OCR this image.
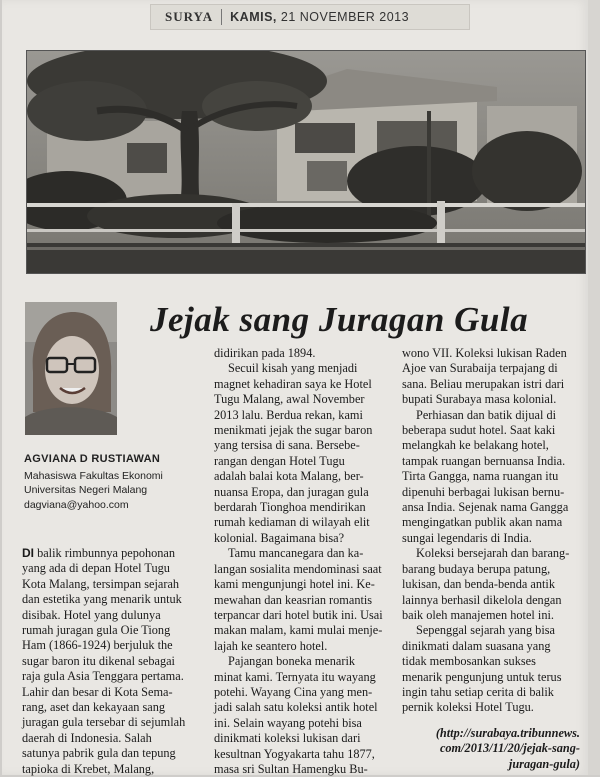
SURYA	KAMIS, 21 NOVEMBER 2013
Jejak sang Juragan Gula
AGVIANA D RUSTIAWAN
Mahasiswa Fakultas Ekonomi
Universitas Negeri Malang
dagviana@yahoo.com

DI balik rimbunnya pepohonan
yang ada di depan Hotel Tugu
Kota Malang, tersimpan sejarah
dan estetika yang menarik untuk
disibak. Hotel yang dulunya
rumah juragan gula Oie Tiong
Ham (1866-1924) berjuluk the
sugar baron itu dikenal sebagai
raja gula Asia Tenggara pertama.
Lahir dan besar di Kota Sema-
rang, aset dan kekayaan sang
juragan gula tersebar di sejumlah
daerah di Indonesia. Salah
satunya pabrik gula dan tepung
tapioka di Krebet, Malang,

didirikan pada 1894.

Secuil kisah yang menjadi
magnet kehadiran saya ke Hotel
Tugu Malang, awal November
2013 lalu. Berdua rekan, kami
menikmati jejak the sugar baron
yang tersisa di sana. Bersebe-
rangan dengan Hotel Tugu
adalah balai kota Malang, ber-
nuansa Eropa, dan juragan gula
berdarah Tionghoa mendirikan
rumah kediaman di wilayah elit
kolonial. Bagaimana bisa?

Tamu mancanegara dan ka-
langan sosialita mendominasi saat
kami mengunjungi hotel ini. Ke-
mewahan dan keasrian romantis
terpancar dari hotel butik ini. Usai
makan malam, kami mulai menje-
lajah ke seantero hotel.

Pajangan boneka menarik
minat kami. Ternyata itu wayang
potehi. Wayang Cina yang men-
jadi salah satu koleksi antik hotel
ini. Selain wayang potehi bisa
dinikmati koleksi lukisan dari
kesultnan Yogyakarta tahu 1877,
masa sri Sultan Hamengku Bu-

wono VII. Koleksi lukisan Raden
Ajoe van Surabaija terpajang di
sana. Beliau merupakan istri dari
bupati Surabaya masa kolonial.

Perhiasan dan batik dijual di
beberapa sudut hotel. Saat kaki
melangkah ke belakang hotel,
tampak ruangan bernuansa India.
Tirta Gangga, nama ruangan itu
dipenuhi berbagai lukisan bernu-
ansa India. Sejenak nama Gangga
mengingatkan publik akan nama
sungai legendaris di India.

Koleksi bersejarah dan barang-
barang budaya berupa patung,
lukisan, dan benda-benda antik
lainnya berhasil dikelola dengan
baik oleh manajemen hotel ini.
Sepenggal sejarah yang bisa
dinikmati dalam suasana yang
tidak membosankan sukses
menarik pengunjung untuk terus
ingin tahu setiap cerita di balik
pernik koleksi Hotel Tugu.

(http://surabaya.tribunnews.
com/2013/11/20/jejak-sang-
juragan-gula)
